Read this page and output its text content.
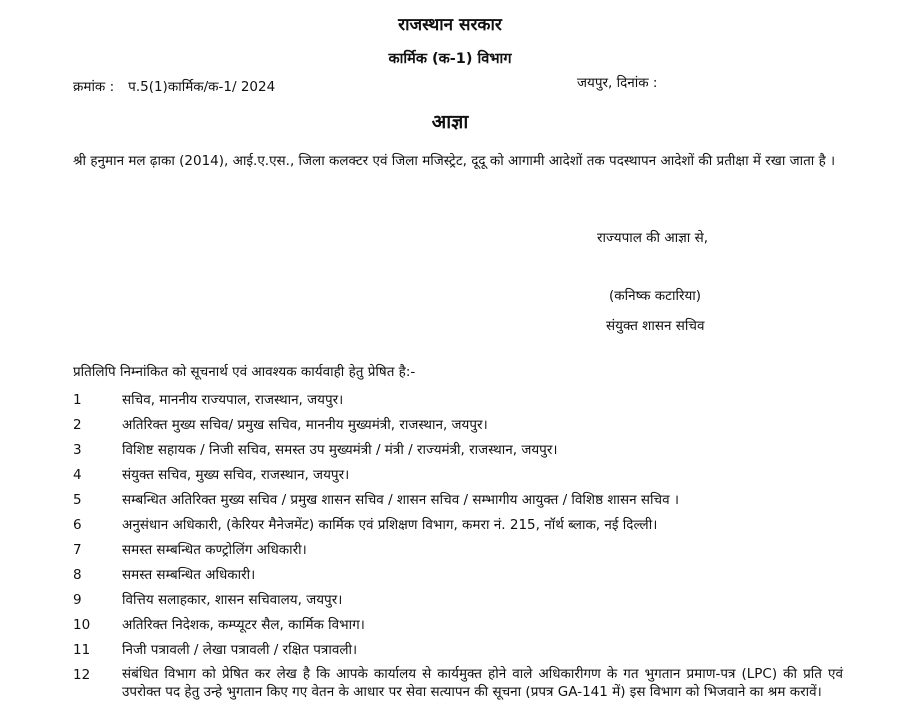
राजस्थान सरकार
कार्मिक (क-1) विभाग
क्रमांक : प.5(1)कार्मिक/क-1/ 2024	जयपुर, दिनांक :
आज्ञा
श्री हनुमान मल ढ़ाका (2014), आई.ए.एस., जिला कलक्टर एवं जिला मजिस्ट्रेट, दूदू को आगामी आदेशों तक पदस्थापन आदेशों की प्रतीक्षा में रखा जाता है ।
राज्यपाल की आज्ञा से,
(कनिष्क कटारिया)
संयुक्त शासन सचिव
प्रतिलिपि निम्नांकित को सूचनार्थ एवं आवश्यक कार्यवाही हेतु प्रेषित है:-
1	सचिव, माननीय राज्यपाल, राजस्थान, जयपुर।
2	अतिरिक्त मुख्य सचिव/ प्रमुख सचिव, माननीय मुख्यमंत्री, राजस्थान, जयपुर।
3	विशिष्ट सहायक / निजी सचिव, समस्त उप मुख्यमंत्री / मंत्री / राज्यमंत्री, राजस्थान, जयपुर।
4	संयुक्त सचिव, मुख्य सचिव, राजस्थान, जयपुर।
5	सम्बन्धित अतिरिक्त मुख्य सचिव / प्रमुख शासन सचिव / शासन सचिव / सम्भागीय आयुक्त / विशिष्ठ शासन सचिव ।
6	अनुसंधान अधिकारी, (केरियर मैनेजमेंट) कार्मिक एवं प्रशिक्षण विभाग, कमरा नं. 215, नॉर्थ ब्लाक, नई दिल्ली।
7	समस्त सम्बन्धित कण्ट्रोलिंग अधिकारी।
8	समस्त सम्बन्धित अधिकारी।
9	वित्तिय सलाहकार, शासन सचिवालय, जयपुर।
10	अतिरिक्त निदेशक, कम्प्यूटर सैल, कार्मिक विभाग।
11	निजी पत्रावली / लेखा पत्रावली / रक्षित पत्रावली।
12	संबंधित विभाग को प्रेषित कर लेख है कि आपके कार्यालय से कार्यमुक्त होने वाले अधिकारीगण के गत भुगतान प्रमाण-पत्र (LPC) की प्रति एवं उपरोक्त पद हेतु उन्हे भुगतान किए गए वेतन के आधार पर सेवा सत्यापन की सूचना (प्रपत्र GA-141 में) इस विभाग को भिजवाने का श्रम करावें।
